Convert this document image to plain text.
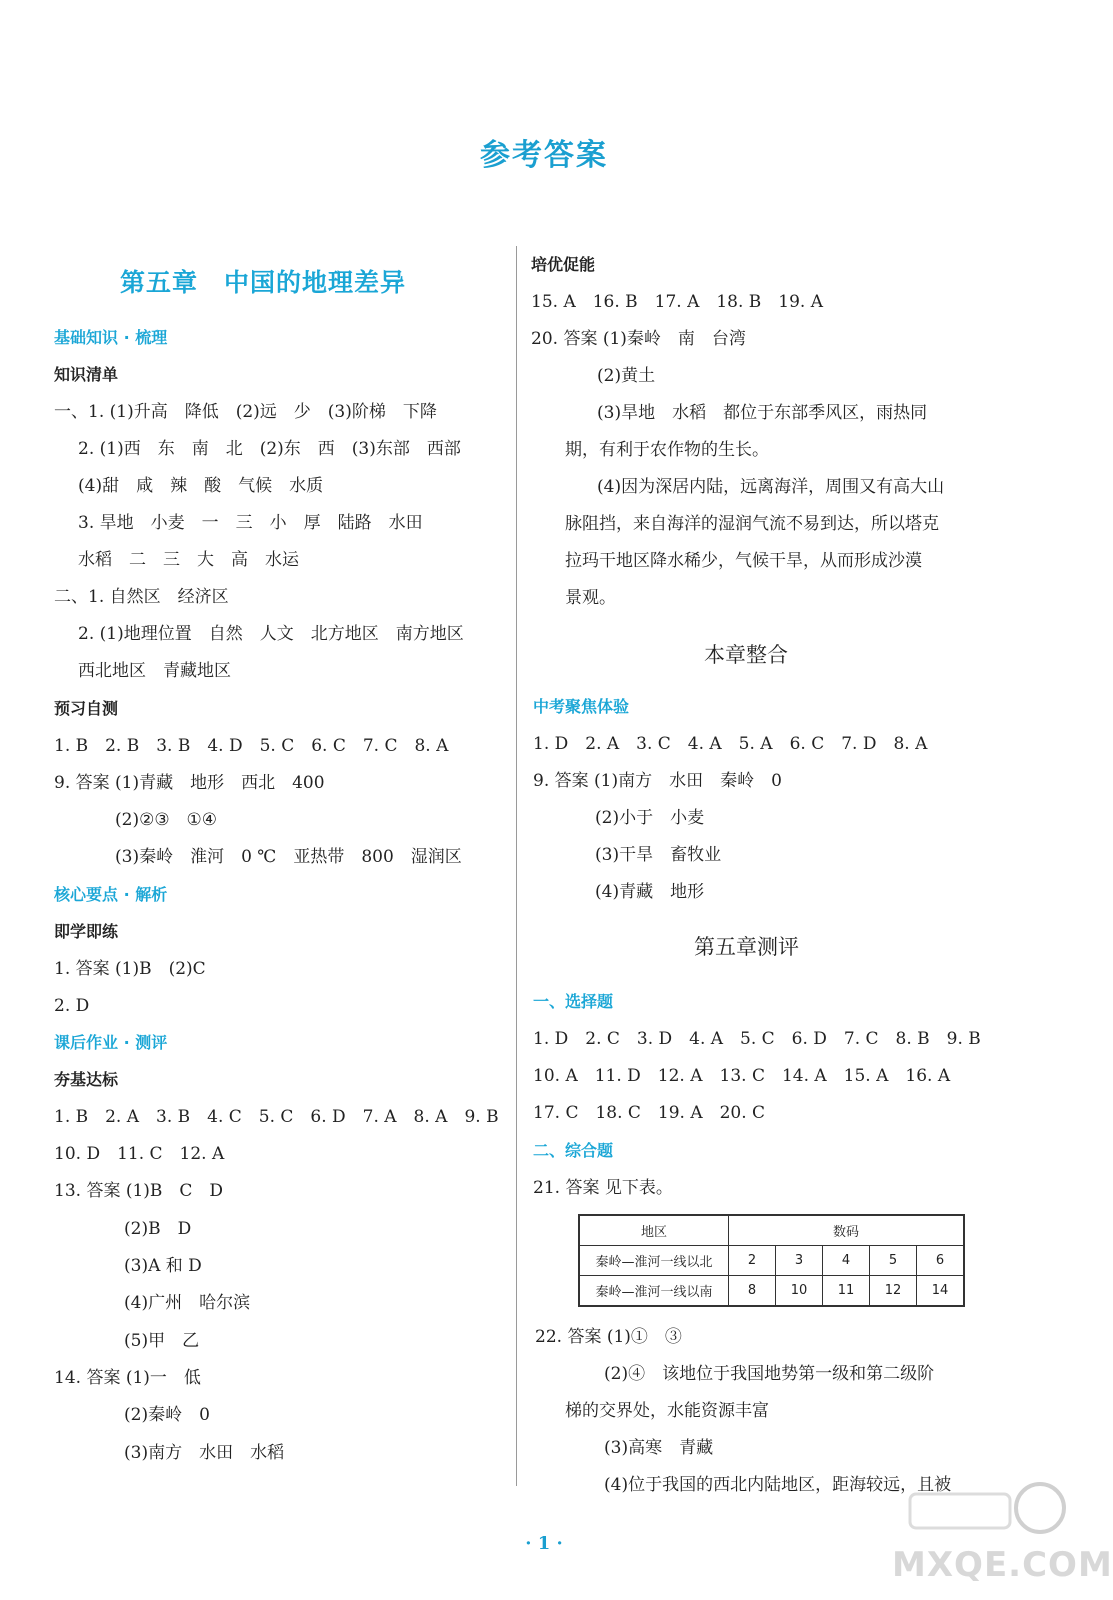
参考答案
第五章　中国的地理差异
基础知识 · 梳理
知识清单
一、1. (1)升高　降低　(2)远　少　(3)阶梯　下降
2. (1)西　东　南　北　(2)东　西　(3)东部　西部
(4)甜　咸　辣　酸　气候　水质
3. 旱地　小麦　一　三　小　厚　陆路　水田
水稻　二　三　大　高　水运
二、1. 自然区　经济区
2. (1)地理位置　自然　人文　北方地区　南方地区
西北地区　青藏地区
预习自测
1. B　2. B　3. B　4. D　5. C　6. C　7. C　8. A
9. 答案 (1)青藏　地形　西北　400
(2)②③　①④
(3)秦岭　淮河　0 ℃　亚热带　800　湿润区
核心要点 · 解析
即学即练
1. 答案 (1)B　(2)C
2. D
课后作业 · 测评
夯基达标
1. B　2. A　3. B　4. C　5. C　6. D　7. A　8. A　9. B
10. D　11. C　12. A
13. 答案 (1)B　C　D
(2)B　D
(3)A 和 D
(4)广州　哈尔滨
(5)甲　乙
14. 答案 (1)一　低
(2)秦岭　0
(3)南方　水田　水稻
培优促能
15. A　16. B　17. A　18. B　19. A
20. 答案 (1)秦岭　南　台湾
(2)黄土
(3)旱地　水稻　都位于东部季风区，雨热同
期，有利于农作物的生长。
(4)因为深居内陆，远离海洋，周围又有高大山
脉阻挡，来自海洋的湿润气流不易到达，所以塔克
拉玛干地区降水稀少，气候干旱，从而形成沙漠
景观。
中考聚焦体验
1. D　2. A　3. C　4. A　5. A　6. C　7. D　8. A
9. 答案 (1)南方　水田　秦岭　0
(2)小于　小麦
(3)干旱　畜牧业
(4)青藏　地形
一、选择题
1. D　2. C　3. D　4. A　5. C　6. D　7. C　8. B　9. B
10. A　11. D　12. A　13. C　14. A　15. A　16. A
17. C　18. C　19. A　20. C
二、综合题
21. 答案 见下表。
22. 答案 (1)①　③
(2)④　该地位于我国地势第一级和第二级阶
梯的交界处，水能资源丰富
(3)高寒　青藏
(4)位于我国的西北内陆地区，距海较远，且被
本章整合
第五章测评
地区	数码				
秦岭—淮河一线以北	2	3	4	5	6
秦岭—淮河一线以南	8	10	11	12	14
· 1 ·
MXQE.COM
